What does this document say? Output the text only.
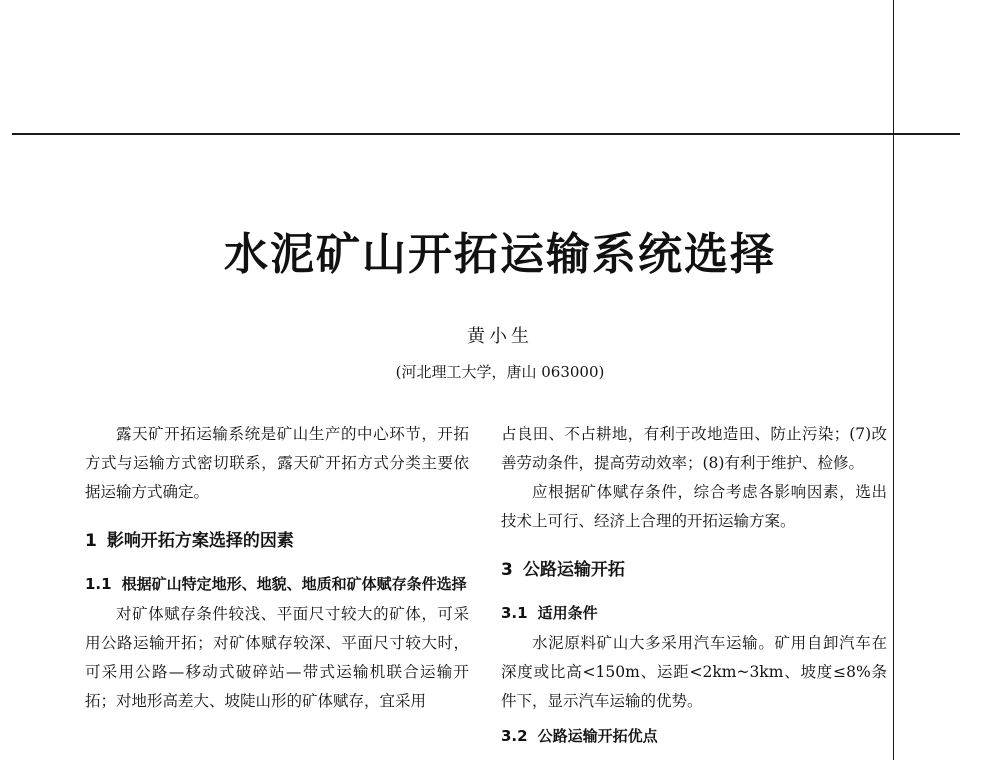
水泥矿山开拓运输系统选择
黄小生
(河北理工大学，唐山 063000)

露天矿开拓运输系统是矿山生产的中心环节，开拓方式与运输方式密切联系，露天矿开拓方式分类主要依据运输方式确定。

1 影响开拓方案选择的因素
1.1 根据矿山特定地形、地貌、地质和矿体赋存条件选择

对矿体赋存条件较浅、平面尺寸较大的矿体，可采用公路运输开拓；对矿体赋存较深、平面尺寸较大时，可采用公路—移动式破碎站—带式运输机联合运输开拓；对地形高差大、坡陡山形的矿体赋存，宜采用

占良田、不占耕地，有利于改地造田、防止污染；(7)改善劳动条件，提高劳动效率；(8)有利于维护、检修。

应根据矿体赋存条件，综合考虑各影响因素，选出技术上可行、经济上合理的开拓运输方案。

3 公路运输开拓
3.1 适用条件

水泥原料矿山大多采用汽车运输。矿用自卸汽车在深度或比高<150m、运距<2km~3km、坡度≤8%条件下，显示汽车运输的优势。

3.2 公路运输开拓优点
